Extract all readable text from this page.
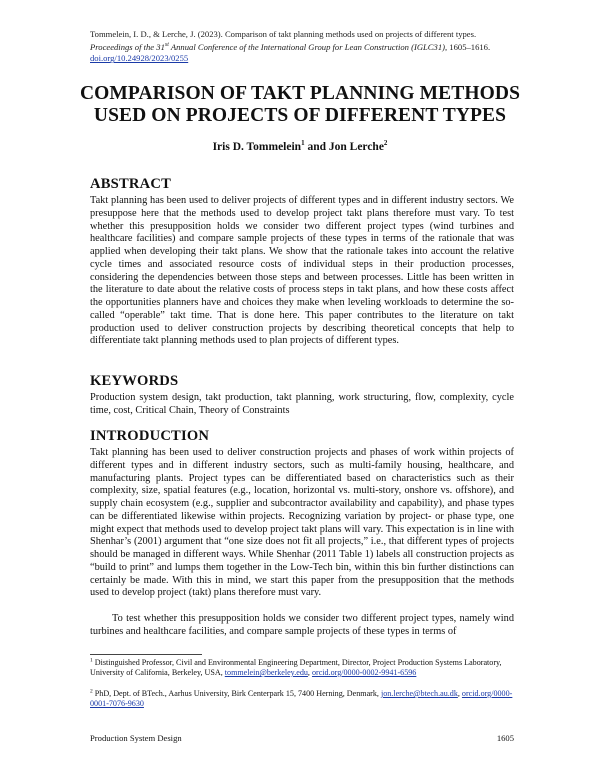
Tommelein, I. D., & Lerche, J. (2023). Comparison of takt planning methods used on projects of different types. Proceedings of the 31st Annual Conference of the International Group for Lean Construction (IGLC31), 1605–1616. doi.org/10.24928/2023/0255
COMPARISON OF TAKT PLANNING METHODS
USED ON PROJECTS OF DIFFERENT TYPES
Iris D. Tommelein$^1$ and Jon Lerche$^2$
ABSTRACT

Takt planning has been used to deliver projects of different types and in different industry sectors. We presuppose here that the methods used to develop project takt plans therefore must vary. To test whether this presupposition holds we consider two different project types (wind turbines and healthcare facilities) and compare sample projects of these types in terms of the rationale that was applied when developing their takt plans. We show that the rationale takes into account the relative cycle times and associated resource costs of individual steps in their production processes, considering the dependencies between those steps and between processes. Little has been written in the literature to date about the relative costs of process steps in takt plans, and how these costs affect the opportunities planners have and choices they make when leveling workloads to determine the so-called “operable” takt time. That is done here. This paper contributes to the literature on takt production used to deliver construction projects by describing theoretical concepts that help to differentiate takt planning methods used to plan projects of different types.

KEYWORDS

Production system design, takt production, takt planning, work structuring, flow, complexity, cycle time, cost, Critical Chain, Theory of Constraints

INTRODUCTION

Takt planning has been used to deliver construction projects and phases of work within projects of different types and in different industry sectors, such as multi-family housing, healthcare, and manufacturing plants. Project types can be differentiated based on characteristics such as their complexity, size, spatial features (e.g., location, horizontal vs. multi-story, onshore vs. offshore), and supply chain ecosystem (e.g., supplier and subcontractor availability and capability), and phase types can be differentiated likewise within projects. Recognizing variation by project- or phase type, one might expect that methods used to develop project takt plans will vary. This expectation is in line with Shenhar’s (2001) argument that “one size does not fit all projects,” i.e., that different types of projects should be managed in different ways. While Shenhar (2011 Table 1) labels all construction projects as “build to print” and lumps them together in the Low-Tech bin, within this bin further distinctions can certainly be made. With this in mind, we start this paper from the presupposition that the methods used to develop project (takt) plans therefore must vary.

To test whether this presupposition holds we consider two different project types, namely wind turbines and healthcare facilities, and compare sample projects of these types in terms of

$^1$ Distinguished Professor, Civil and Environmental Engineering Department, Director, Project Production Systems Laboratory, University of California, Berkeley, USA, tommelein@berkeley.edu, orcid.org/0000-0002-9941-6596

$^2$ PhD, Dept. of BTech., Aarhus University, Birk Centerpark 15, 7400 Herning, Denmark, jon.lerche@btech.au.dk, orcid.org/0000-0001-7076-9630

Production System Design	1605
